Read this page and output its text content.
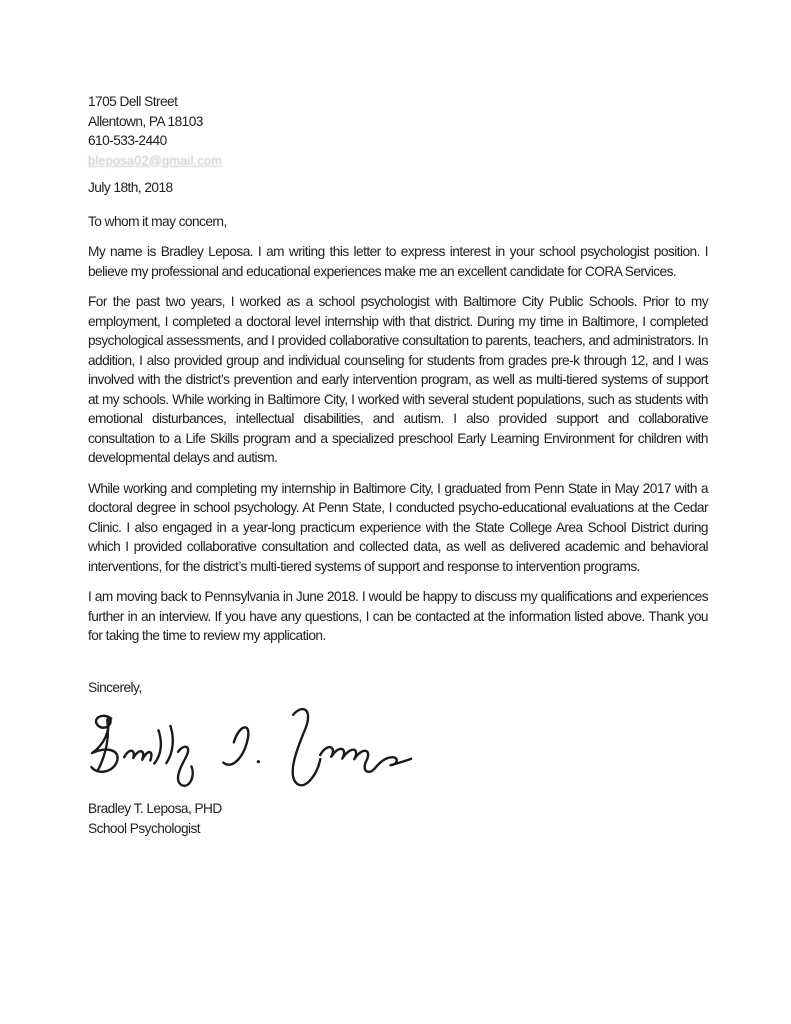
1705 Dell Street
Allentown, PA 18103
610-533-2440
bleposa02@gmail.com
July 18th, 2018
To whom it may concern,

My name is Bradley Leposa. I am writing this letter to express interest in your school psychologist position. I believe my professional and educational experiences make me an excellent candidate for CORA Services.

For the past two years, I worked as a school psychologist with Baltimore City Public Schools. Prior to my employment, I completed a doctoral level internship with that district. During my time in Baltimore, I completed psychological assessments, and I provided collaborative consultation to parents, teachers, and administrators. In addition, I also provided group and individual counseling for students from grades pre-k through 12, and I was involved with the district’s prevention and early intervention program, as well as multi-tiered systems of support at my schools. While working in Baltimore City, I worked with several student populations, such as students with emotional disturbances, intellectual disabilities, and autism. I also provided support and collaborative consultation to a Life Skills program and a specialized preschool Early Learning Environment for children with developmental delays and autism.

While working and completing my internship in Baltimore City, I graduated from Penn State in May 2017 with a doctoral degree in school psychology. At Penn State, I conducted psycho-educational evaluations at the Cedar Clinic. I also engaged in a year-long practicum experience with the State College Area School District during which I provided collaborative consultation and collected data, as well as delivered academic and behavioral interventions, for the district’s multi-tiered systems of support and response to intervention programs.

I am moving back to Pennsylvania in June 2018. I would be happy to discuss my qualifications and experiences further in an interview. If you have any questions, I can be contacted at the information listed above. Thank you for taking the time to review my application.

Sincerely,
Bradley T. Leposa, PHD
School Psychologist
